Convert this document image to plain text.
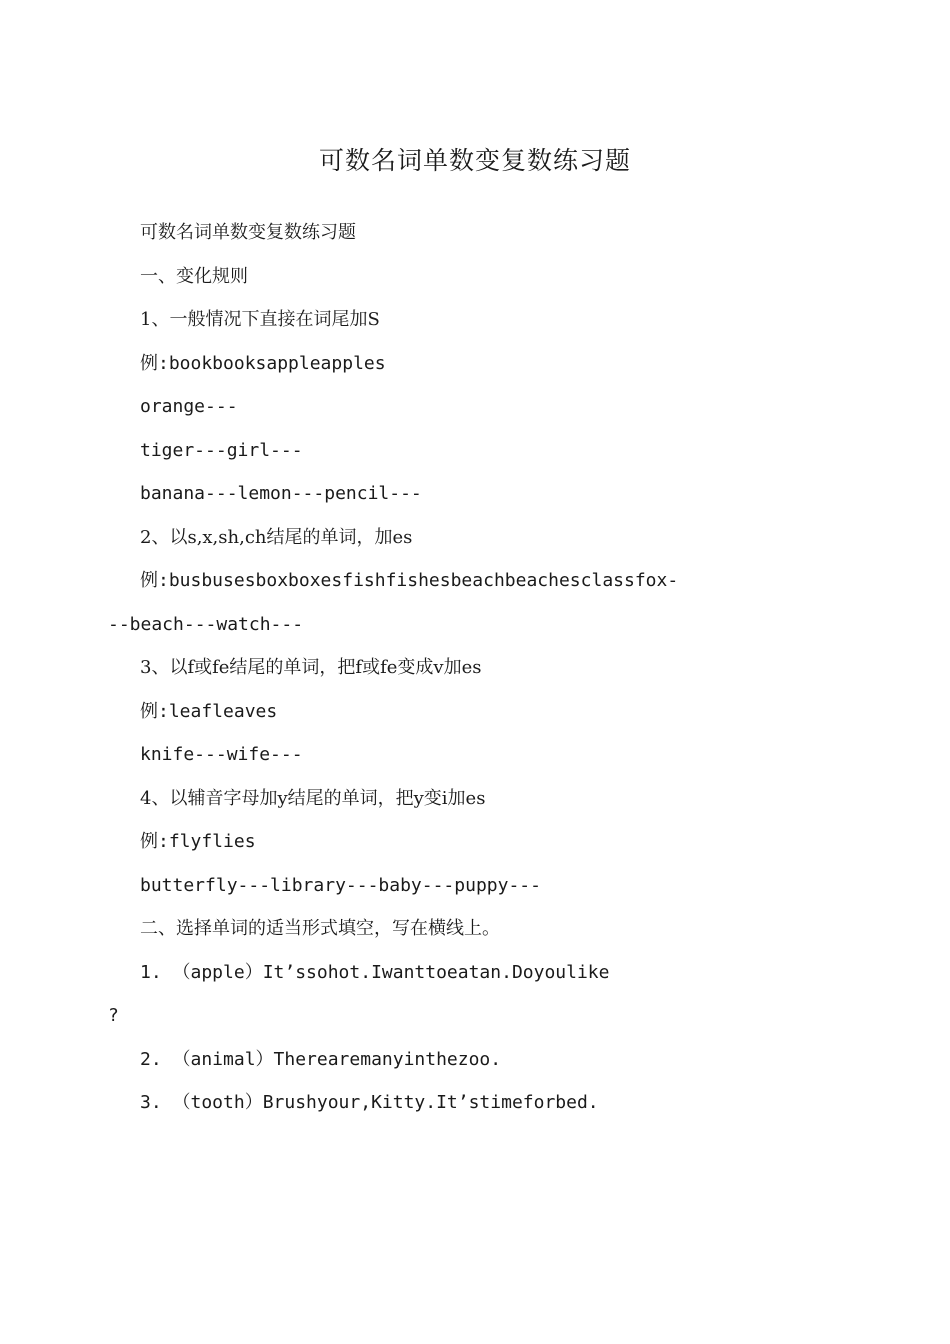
可数名词单数变复数练习题

可数名词单数变复数练习题

一、变化规则

1、一般情况下直接在词尾加S

例:bookbooksappleapples

orange---

tiger---girl---

banana---lemon---pencil---

2、以s,x,sh,ch结尾的单词，加es

例:busbusesboxboxesfishfishesbeachbeachesclassfox-

--beach---watch---

3、以f或fe结尾的单词，把f或fe变成v加es

例:leafleaves

knife---wife---

4、以辅音字母加y结尾的单词，把y变i加es

例:flyflies

butterfly---library---baby---puppy---

二、选择单词的适当形式填空，写在横线上。

1. （apple）It’ssohot.Iwanttoeatan.Doyoulike

?

2. （animal）Therearemanyinthezoo.

3. （tooth）Brushyour,Kitty.It’stimeforbed.
